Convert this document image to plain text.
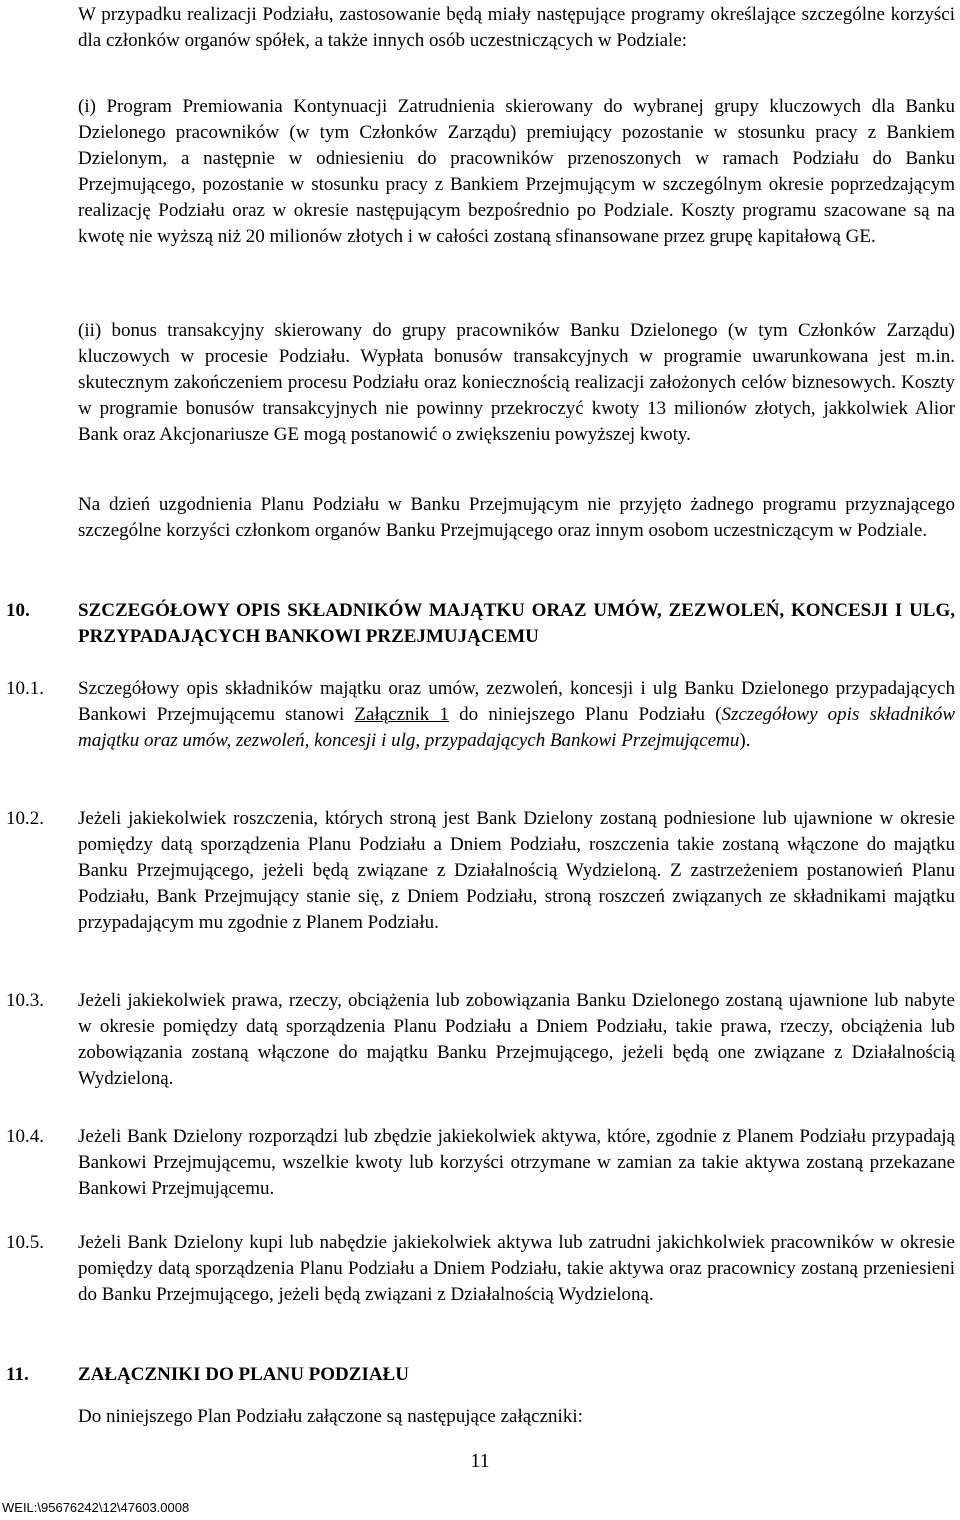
W przypadku realizacji Podziału, zastosowanie będą miały następujące programy określające szczególne korzyści dla członków organów spółek, a także innych osób uczestniczących w Podziale:

(i) Program Premiowania Kontynuacji Zatrudnienia skierowany do wybranej grupy kluczowych dla Banku Dzielonego pracowników (w tym Członków Zarządu) premiujący pozostanie w stosunku pracy z Bankiem Dzielonym, a następnie w odniesieniu do pracowników przenoszonych w ramach Podziału do Banku Przejmującego, pozostanie w stosunku pracy z Bankiem Przejmującym w szczególnym okresie poprzedzającym realizację Podziału oraz w okresie następującym bezpośrednio po Podziale. Koszty programu szacowane są na kwotę nie wyższą niż 20 milionów złotych i w całości zostaną sfinansowane przez grupę kapitałową GE.

(ii) bonus transakcyjny skierowany do grupy pracowników Banku Dzielonego (w tym Członków Zarządu) kluczowych w procesie Podziału. Wypłata bonusów transakcyjnych w programie uwarunkowana jest m.in. skutecznym zakończeniem procesu Podziału oraz koniecznością realizacji założonych celów biznesowych. Koszty w programie bonusów transakcyjnych nie powinny przekroczyć kwoty 13 milionów złotych, jakkolwiek Alior Bank oraz Akcjonariusze GE mogą postanowić o zwiększeniu powyższej kwoty.

Na dzień uzgodnienia Planu Podziału w Banku Przejmującym nie przyjęto żadnego programu przyznającego szczególne korzyści członkom organów Banku Przejmującego oraz innym osobom uczestniczącym w Podziale.

10.	SZCZEGÓŁOWY OPIS SKŁADNIKÓW MAJĄTKU ORAZ UMÓW, ZEZWOLEŃ, KONCESJI I ULG, PRZYPADAJĄCYCH BANKOWI PRZEJMUJĄCEMU
10.1.	Szczegółowy opis składników majątku oraz umów, zezwoleń, koncesji i ulg Banku Dzielonego przypadających Bankowi Przejmującemu stanowi Załącznik 1 do niniejszego Planu Podziału (Szczegółowy opis składników majątku oraz umów, zezwoleń, koncesji i ulg, przypadających Bankowi Przejmującemu).
10.2.	Jeżeli jakiekolwiek roszczenia, których stroną jest Bank Dzielony zostaną podniesione lub ujawnione w okresie pomiędzy datą sporządzenia Planu Podziału a Dniem Podziału, roszczenia takie zostaną włączone do majątku Banku Przejmującego, jeżeli będą związane z Działalnością Wydzieloną. Z zastrzeżeniem postanowień Planu Podziału, Bank Przejmujący stanie się, z Dniem Podziału, stroną roszczeń związanych ze składnikami majątku przypadającym mu zgodnie z Planem Podziału.
10.3.	Jeżeli jakiekolwiek prawa, rzeczy, obciążenia lub zobowiązania Banku Dzielonego zostaną ujawnione lub nabyte w okresie pomiędzy datą sporządzenia Planu Podziału a Dniem Podziału, takie prawa, rzeczy, obciążenia lub zobowiązania zostaną włączone do majątku Banku Przejmującego, jeżeli będą one związane z Działalnością Wydzieloną.
10.4.	Jeżeli Bank Dzielony rozporządzi lub zbędzie jakiekolwiek aktywa, które, zgodnie z Planem Podziału przypadają Bankowi Przejmującemu, wszelkie kwoty lub korzyści otrzymane w zamian za takie aktywa zostaną przekazane Bankowi Przejmującemu.
10.5.	Jeżeli Bank Dzielony kupi lub nabędzie jakiekolwiek aktywa lub zatrudni jakichkolwiek pracowników w okresie pomiędzy datą sporządzenia Planu Podziału a Dniem Podziału, takie aktywa oraz pracownicy zostaną przeniesieni do Banku Przejmującego, jeżeli będą związani z Działalnością Wydzieloną.
11.	ZAŁĄCZNIKI DO PLANU PODZIAŁU

Do niniejszego Plan Podziału załączone są następujące załączniki:

11
WEIL:\95676242\12\47603.0008
